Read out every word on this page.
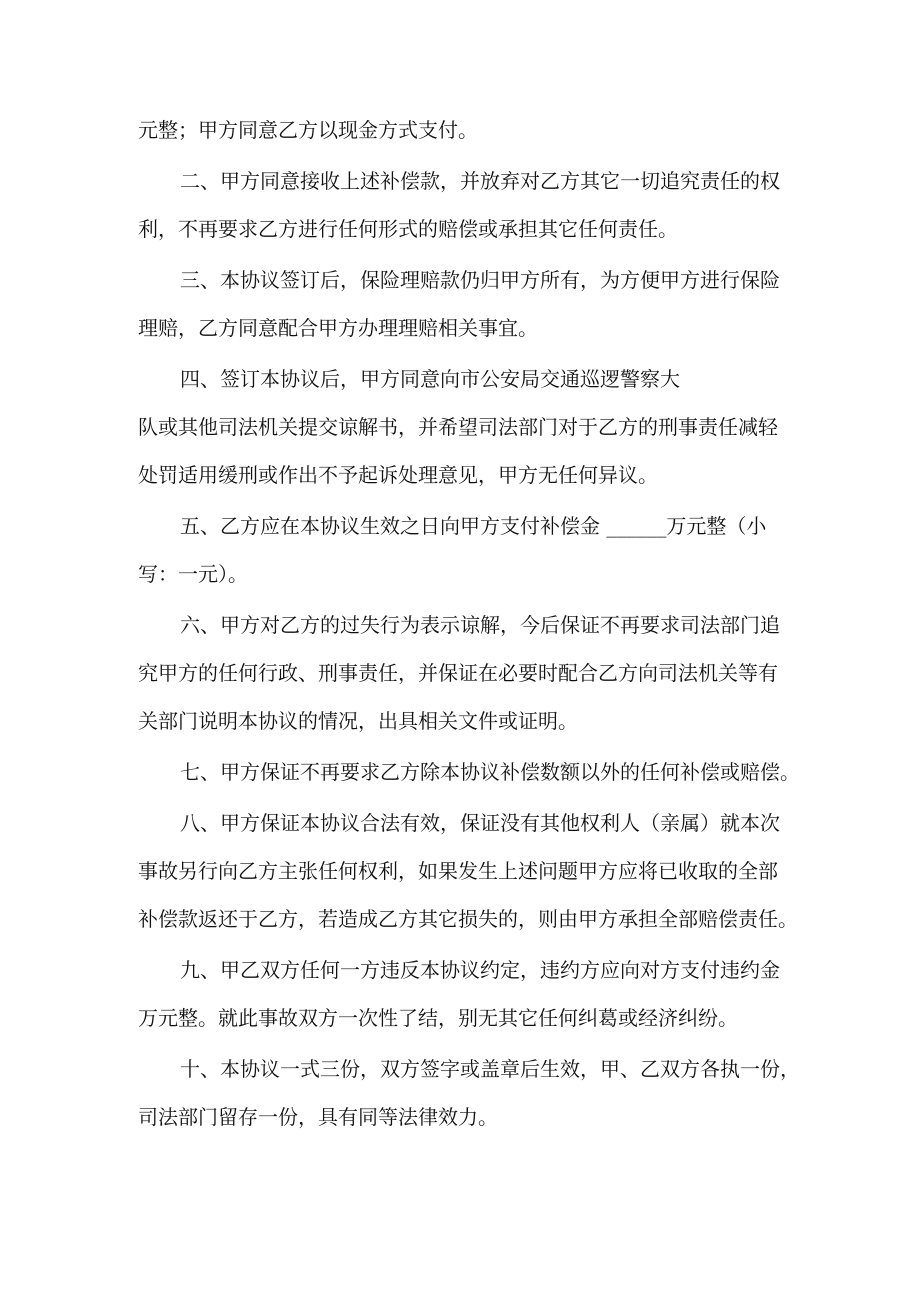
元整；甲方同意乙方以现金方式支付。
二、甲方同意接收上述补偿款，并放弃对乙方其它一切追究责任的权
利，不再要求乙方进行任何形式的赔偿或承担其它任何责任。
三、本协议签订后，保险理赔款仍归甲方所有，为方便甲方进行保险
理赔，乙方同意配合甲方办理理赔相关事宜。
四、签订本协议后，甲方同意向市公安局交通巡逻警察大
队或其他司法机关提交谅解书，并希望司法部门对于乙方的刑事责任减轻
处罚适用缓刑或作出不予起诉处理意见，甲方无任何异议。
五、乙方应在本协议生效之日向甲方支付补偿金 ______万元整（小
写：一元）。
六、甲方对乙方的过失行为表示谅解，今后保证不再要求司法部门追
究甲方的任何行政、刑事责任，并保证在必要时配合乙方向司法机关等有
关部门说明本协议的情况，出具相关文件或证明。
七、甲方保证不再要求乙方除本协议补偿数额以外的任何补偿或赔偿。
八、甲方保证本协议合法有效，保证没有其他权利人（亲属）就本次
事故另行向乙方主张任何权利，如果发生上述问题甲方应将已收取的全部
补偿款返还于乙方，若造成乙方其它损失的，则由甲方承担全部赔偿责任。
九、甲乙双方任何一方违反本协议约定，违约方应向对方支付违约金
万元整。就此事故双方一次性了结，别无其它任何纠葛或经济纠纷。
十、本协议一式三份，双方签字或盖章后生效，甲、乙双方各执一份，
司法部门留存一份，具有同等法律效力。
